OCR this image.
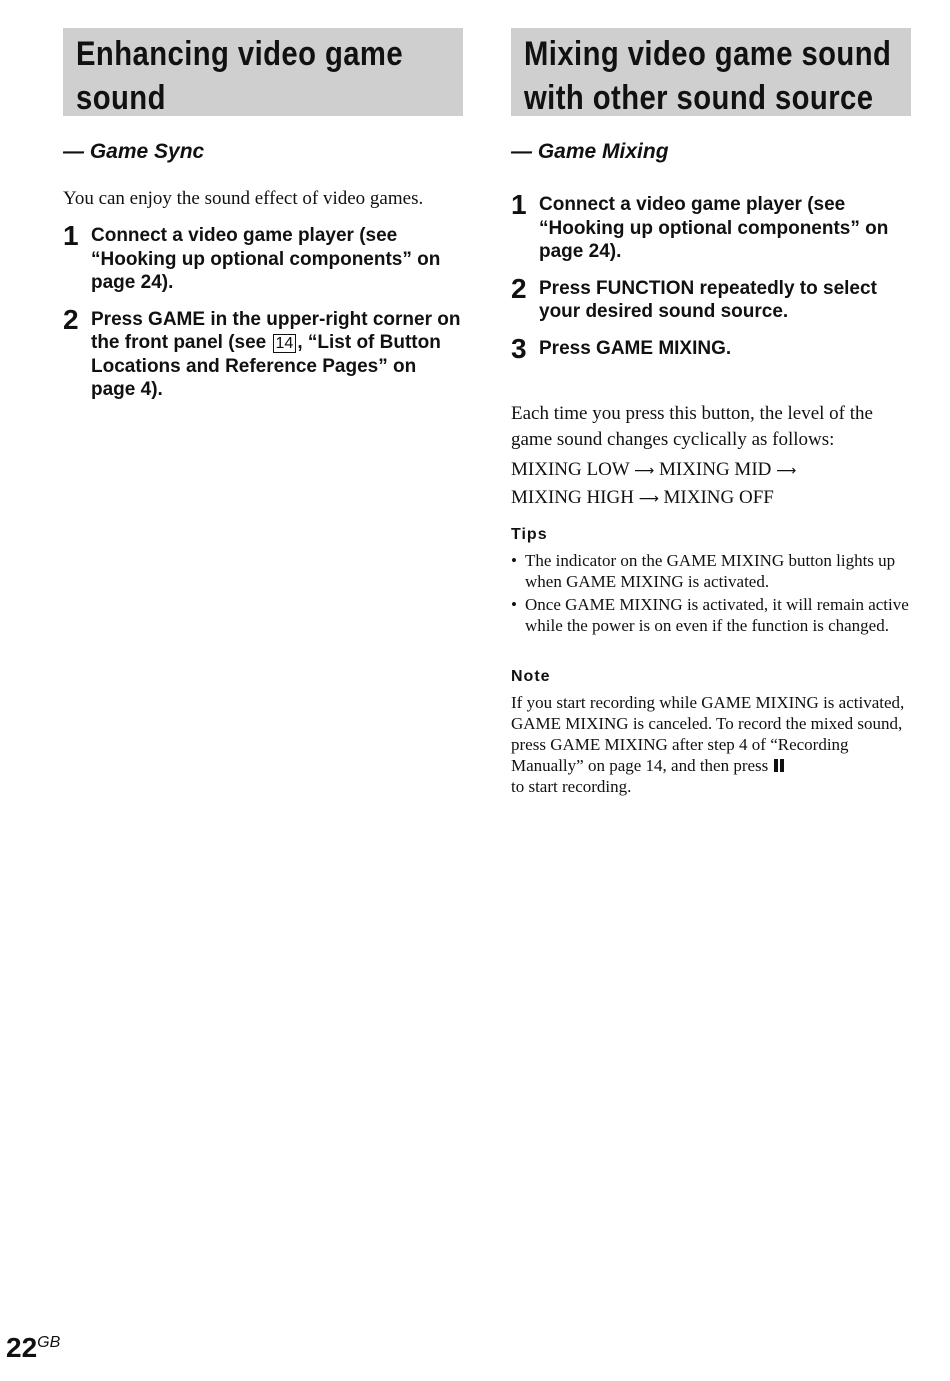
Enhancing video game sound

— Game Sync

You can enjoy the sound effect of video games.

1 Connect a video game player (see “Hooking up optional components” on page 24).
2 Press GAME in the upper-right corner on the front panel (see 14 , “List of Button Locations and Reference Pages” on page 4).
Mixing video game sound with other sound source

— Game Mixing

1 Connect a video game player (see “Hooking up optional components” on page 24).
2 Press FUNCTION repeatedly to select your desired sound source.
3 Press GAME MIXING.

Each time you press this button, the level of the game sound changes cyclically as follows:

MIXING LOW ⟶ MIXING MID ⟶
MIXING HIGH ⟶ MIXING OFF

Tips

• The indicator on the GAME MIXING button lights up when GAME MIXING is activated.
• Once GAME MIXING is activated, it will remain active while the power is on even if the function is changed.

Note

If you start recording while GAME MIXING is activated, GAME MIXING is canceled. To record the mixed sound, press GAME MIXING after step 4 of “Recording Manually” on page 14, and then press

to start recording.

$22^{GB}$
